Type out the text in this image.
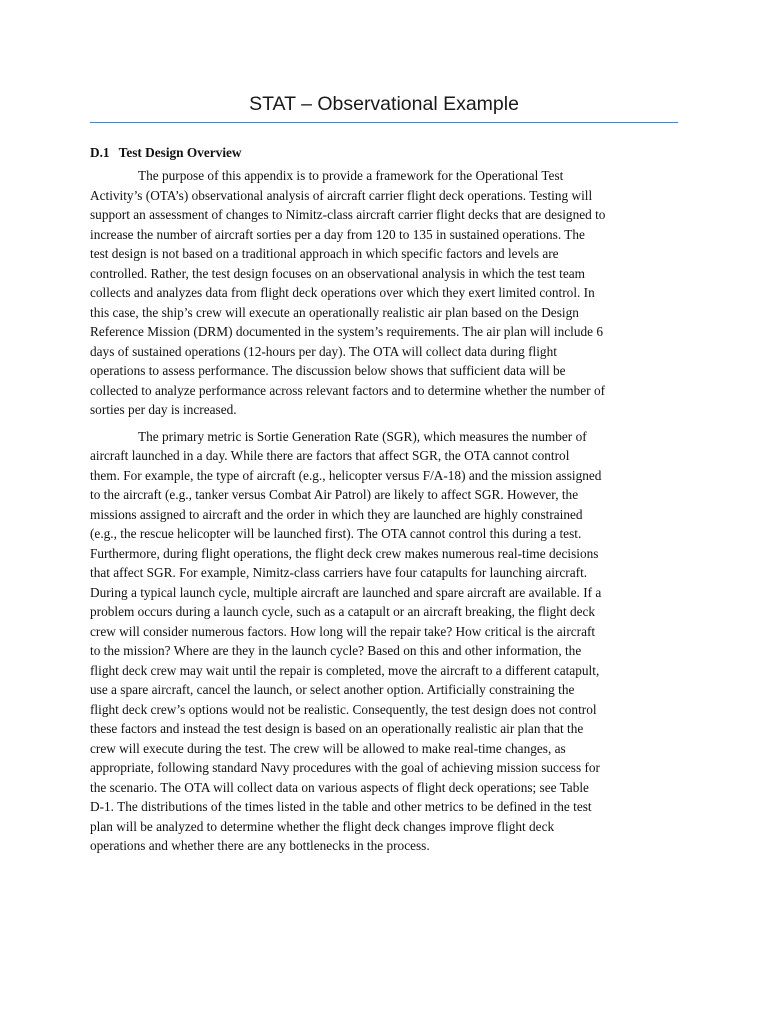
STAT – Observational Example
D.1 Test Design Overview
The purpose of this appendix is to provide a framework for the Operational Test
Activity’s (OTA’s) observational analysis of aircraft carrier flight deck operations. Testing will
support an assessment of changes to Nimitz-class aircraft carrier flight decks that are designed to
increase the number of aircraft sorties per a day from 120 to 135 in sustained operations. The
test design is not based on a traditional approach in which specific factors and levels are
controlled. Rather, the test design focuses on an observational analysis in which the test team
collects and analyzes data from flight deck operations over which they exert limited control. In
this case, the ship’s crew will execute an operationally realistic air plan based on the Design
Reference Mission (DRM) documented in the system’s requirements. The air plan will include 6
days of sustained operations (12-hours per day). The OTA will collect data during flight
operations to assess performance. The discussion below shows that sufficient data will be
collected to analyze performance across relevant factors and to determine whether the number of
sorties per day is increased.
The primary metric is Sortie Generation Rate (SGR), which measures the number of
aircraft launched in a day. While there are factors that affect SGR, the OTA cannot control
them. For example, the type of aircraft (e.g., helicopter versus F/A-18) and the mission assigned
to the aircraft (e.g., tanker versus Combat Air Patrol) are likely to affect SGR. However, the
missions assigned to aircraft and the order in which they are launched are highly constrained
(e.g., the rescue helicopter will be launched first). The OTA cannot control this during a test.
Furthermore, during flight operations, the flight deck crew makes numerous real-time decisions
that affect SGR. For example, Nimitz-class carriers have four catapults for launching aircraft.
During a typical launch cycle, multiple aircraft are launched and spare aircraft are available. If a
problem occurs during a launch cycle, such as a catapult or an aircraft breaking, the flight deck
crew will consider numerous factors. How long will the repair take? How critical is the aircraft
to the mission? Where are they in the launch cycle? Based on this and other information, the
flight deck crew may wait until the repair is completed, move the aircraft to a different catapult,
use a spare aircraft, cancel the launch, or select another option. Artificially constraining the
flight deck crew’s options would not be realistic. Consequently, the test design does not control
these factors and instead the test design is based on an operationally realistic air plan that the
crew will execute during the test. The crew will be allowed to make real-time changes, as
appropriate, following standard Navy procedures with the goal of achieving mission success for
the scenario. The OTA will collect data on various aspects of flight deck operations; see Table
D-1. The distributions of the times listed in the table and other metrics to be defined in the test
plan will be analyzed to determine whether the flight deck changes improve flight deck
operations and whether there are any bottlenecks in the process.
